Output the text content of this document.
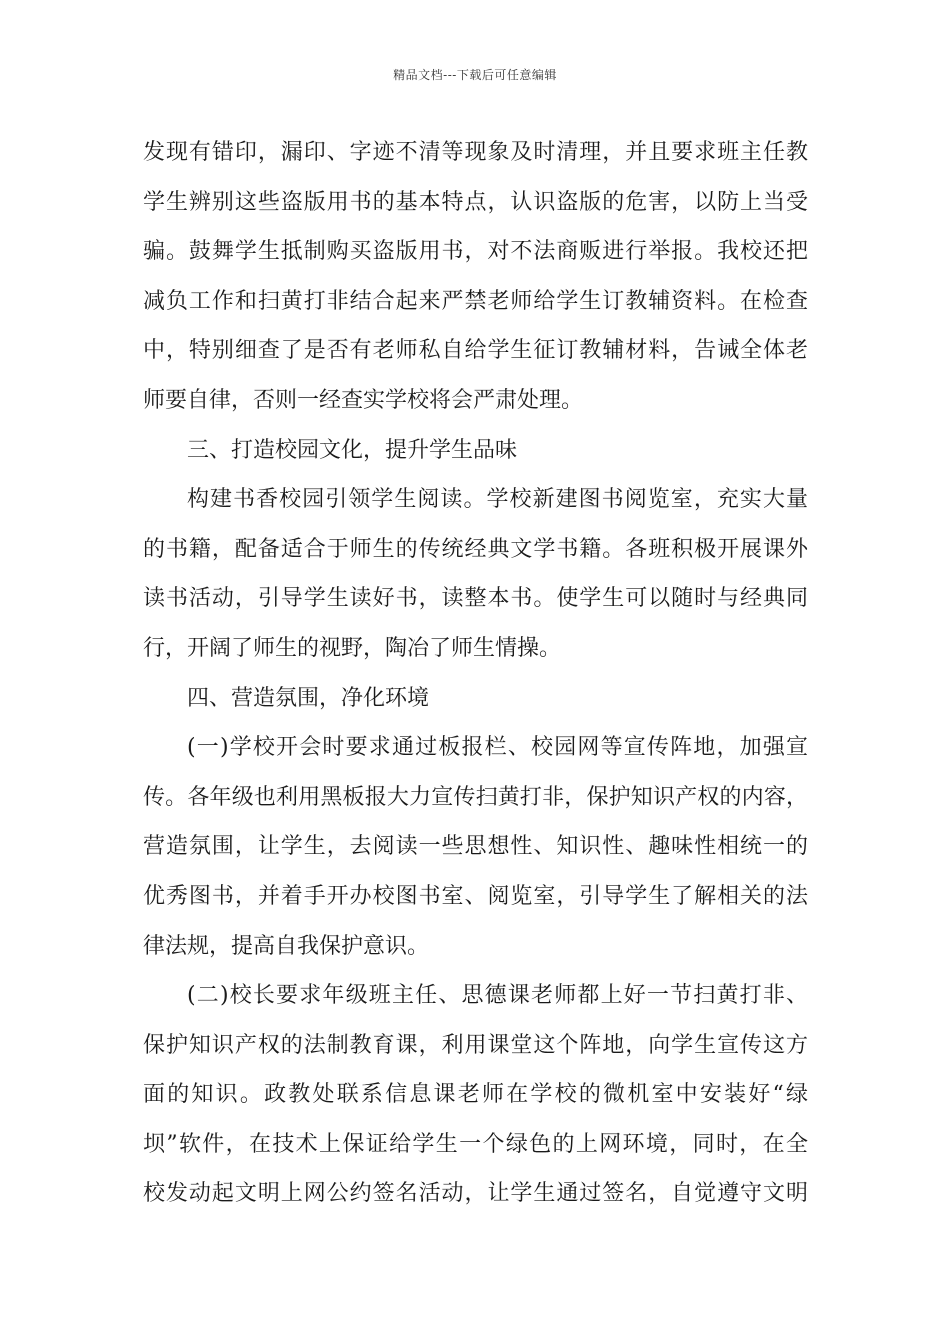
精品文档---下载后可任意编辑
发现有错印，漏印、字迹不清等现象及时清理，并且要求班主任教
学生辨别这些盗版用书的基本特点，认识盗版的危害，以防上当受
骗。鼓舞学生抵制购买盗版用书，对不法商贩进行举报。我校还把
减负工作和扫黄打非结合起来严禁老师给学生订教辅资料。在检查
中，特别细查了是否有老师私自给学生征订教辅材料，告诫全体老
师要自律，否则一经查实学校将会严肃处理。
三、打造校园文化，提升学生品味
构建书香校园引领学生阅读。学校新建图书阅览室，充实大量
的书籍，配备适合于师生的传统经典文学书籍。各班积极开展课外
读书活动，引导学生读好书，读整本书。使学生可以随时与经典同
行，开阔了师生的视野，陶冶了师生情操。
四、营造氛围，净化环境
(一)学校开会时要求通过板报栏、校园网等宣传阵地，加强宣
传。各年级也利用黑板报大力宣传扫黄打非，保护知识产权的内容，
营造氛围，让学生，去阅读一些思想性、知识性、趣味性相统一的
优秀图书，并着手开办校图书室、阅览室，引导学生了解相关的法
律法规，提高自我保护意识。
(二)校长要求年级班主任、思德课老师都上好一节扫黄打非、
保护知识产权的法制教育课，利用课堂这个阵地，向学生宣传这方
面的知识。政教处联系信息课老师在学校的微机室中安装好“绿
坝”软件，在技术上保证给学生一个绿色的上网环境，同时，在全
校发动起文明上网公约签名活动，让学生通过签名，自觉遵守文明
